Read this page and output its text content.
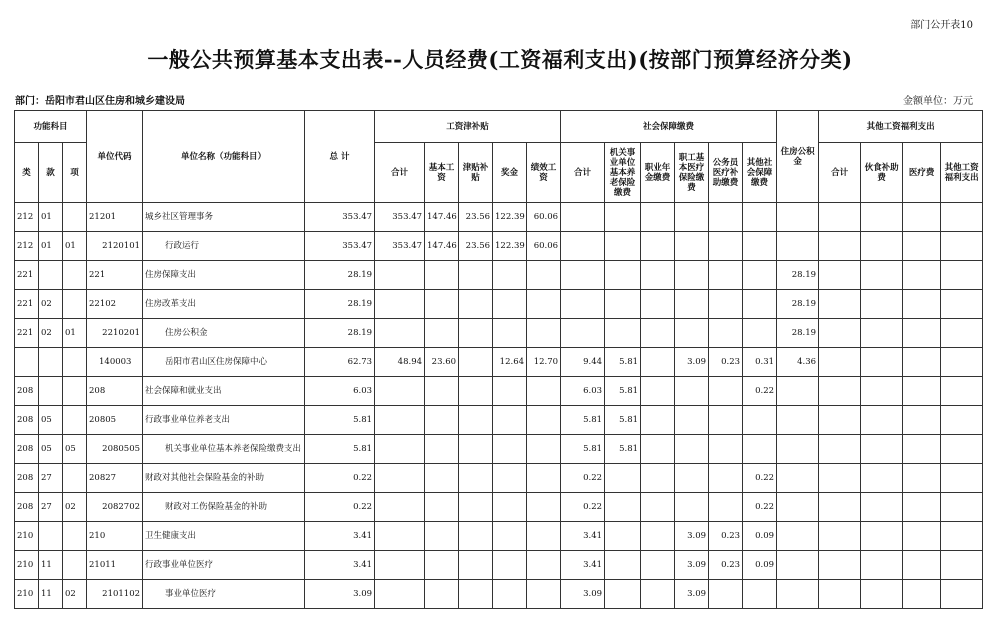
部门公开表10
一般公共预算基本支出表--人员经费(工资福利支出)(按部门预算经济分类)
部门：岳阳市君山区住房和城乡建设局	金额单位：万元
功能科目			单位代码	单位名称（功能科目）	总 计	工资津补贴					社会保障缴费						住房公积金	其他工资福利支出			
类	款	项				合计	基本工资	津贴补贴	奖金	绩效工资	合计	机关事业单位基本养老保险缴费	职业年金缴费	职工基本医疗保险缴费	公务员医疗补助缴费	其他社会保障缴费		合计	伙食补助费	医疗费	其他工资福利支出
212	01		21201	城乡社区管理事务	353.47	353.47	147.46	23.56	122.39	60.06											
212	01	01	2120101	行政运行	353.47	353.47	147.46	23.56	122.39	60.06											
221			221	住房保障支出	28.19												28.19				
221	02		22102	住房改革支出	28.19												28.19				
221	02	01	2210201	住房公积金	28.19												28.19				
			140003	岳阳市君山区住房保障中心	62.73	48.94	23.60		12.64	12.70	9.44	5.81		3.09	0.23	0.31	4.36				
208			208	社会保障和就业支出	6.03						6.03	5.81				0.22					
208	05		20805	行政事业单位养老支出	5.81						5.81	5.81									
208	05	05	2080505	机关事业单位基本养老保险缴费支出	5.81						5.81	5.81									
208	27		20827	财政对其他社会保险基金的补助	0.22						0.22					0.22					
208	27	02	2082702	财政对工伤保险基金的补助	0.22						0.22					0.22					
210			210	卫生健康支出	3.41						3.41			3.09	0.23	0.09					
210	11		21011	行政事业单位医疗	3.41						3.41			3.09	0.23	0.09					
210	11	02	2101102	事业单位医疗	3.09						3.09			3.09							
